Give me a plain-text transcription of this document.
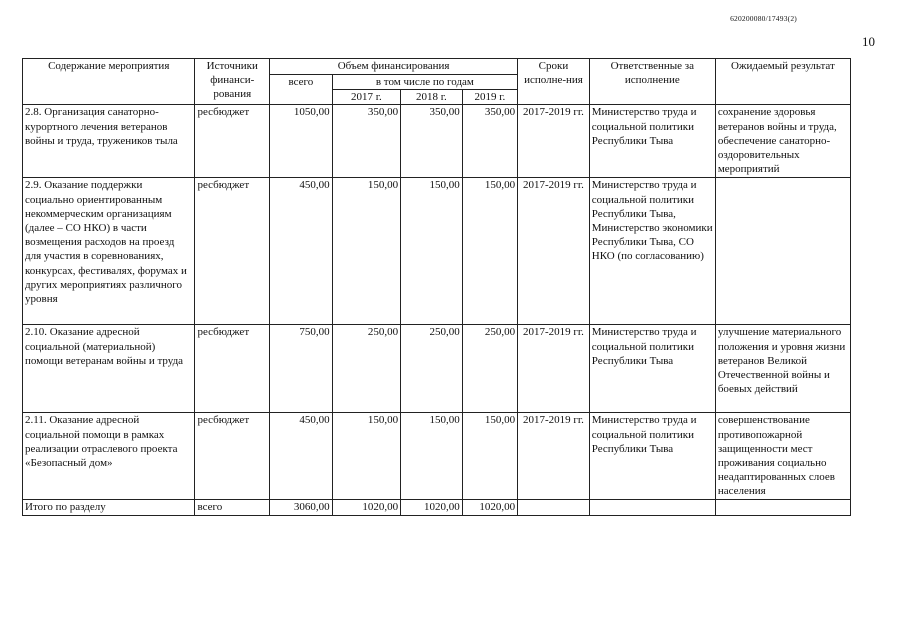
620200080/17493(2)
10
Содержание мероприятия	Источники финанси-рования	Объем финансирования				Сроки исполне-ния	Ответственные за исполнение	Ожидаемый результат
		всего	в том числе по годам					
			2017 г.	2018 г.	2019 г.			
2.8. Организация санаторно-курортного лечения ветеранов войны и труда, тружеников тыла	ресбюджет	1050,00	350,00	350,00	350,00	2017-2019 гг.	Министерство труда и социальной политики Республики Тыва	сохранение здоровья ветеранов войны и труда, обеспечение санаторно-оздоровительных мероприятий
2.9. Оказание поддержки социально ориентированным некоммерческим организациям (далее – СО НКО) в части возмещения расходов на проезд для участия в соревнованиях, конкурсах, фестивалях, форумах и других мероприятиях различного уровня	ресбюджет	450,00	150,00	150,00	150,00	2017-2019 гг.	Министерство труда и социальной политики Республики Тыва, Министерство экономики Республики Тыва, СО НКО (по согласованию)	
2.10. Оказание адресной социальной (материальной) помощи ветеранам войны и труда	ресбюджет	750,00	250,00	250,00	250,00	2017-2019 гг.	Министерство труда и социальной политики Республики Тыва	улучшение материального положения и уровня жизни ветеранов Великой Отечественной войны и боевых действий
2.11. Оказание адресной социальной помощи в рамках реализации отраслевого проекта «Безопасный дом»	ресбюджет	450,00	150,00	150,00	150,00	2017-2019 гг.	Министерство труда и социальной политики Республики Тыва	совершенствование противопожарной защищенности мест проживания социально неадаптированных слоев населения
Итого по разделу	всего	3060,00	1020,00	1020,00	1020,00			
